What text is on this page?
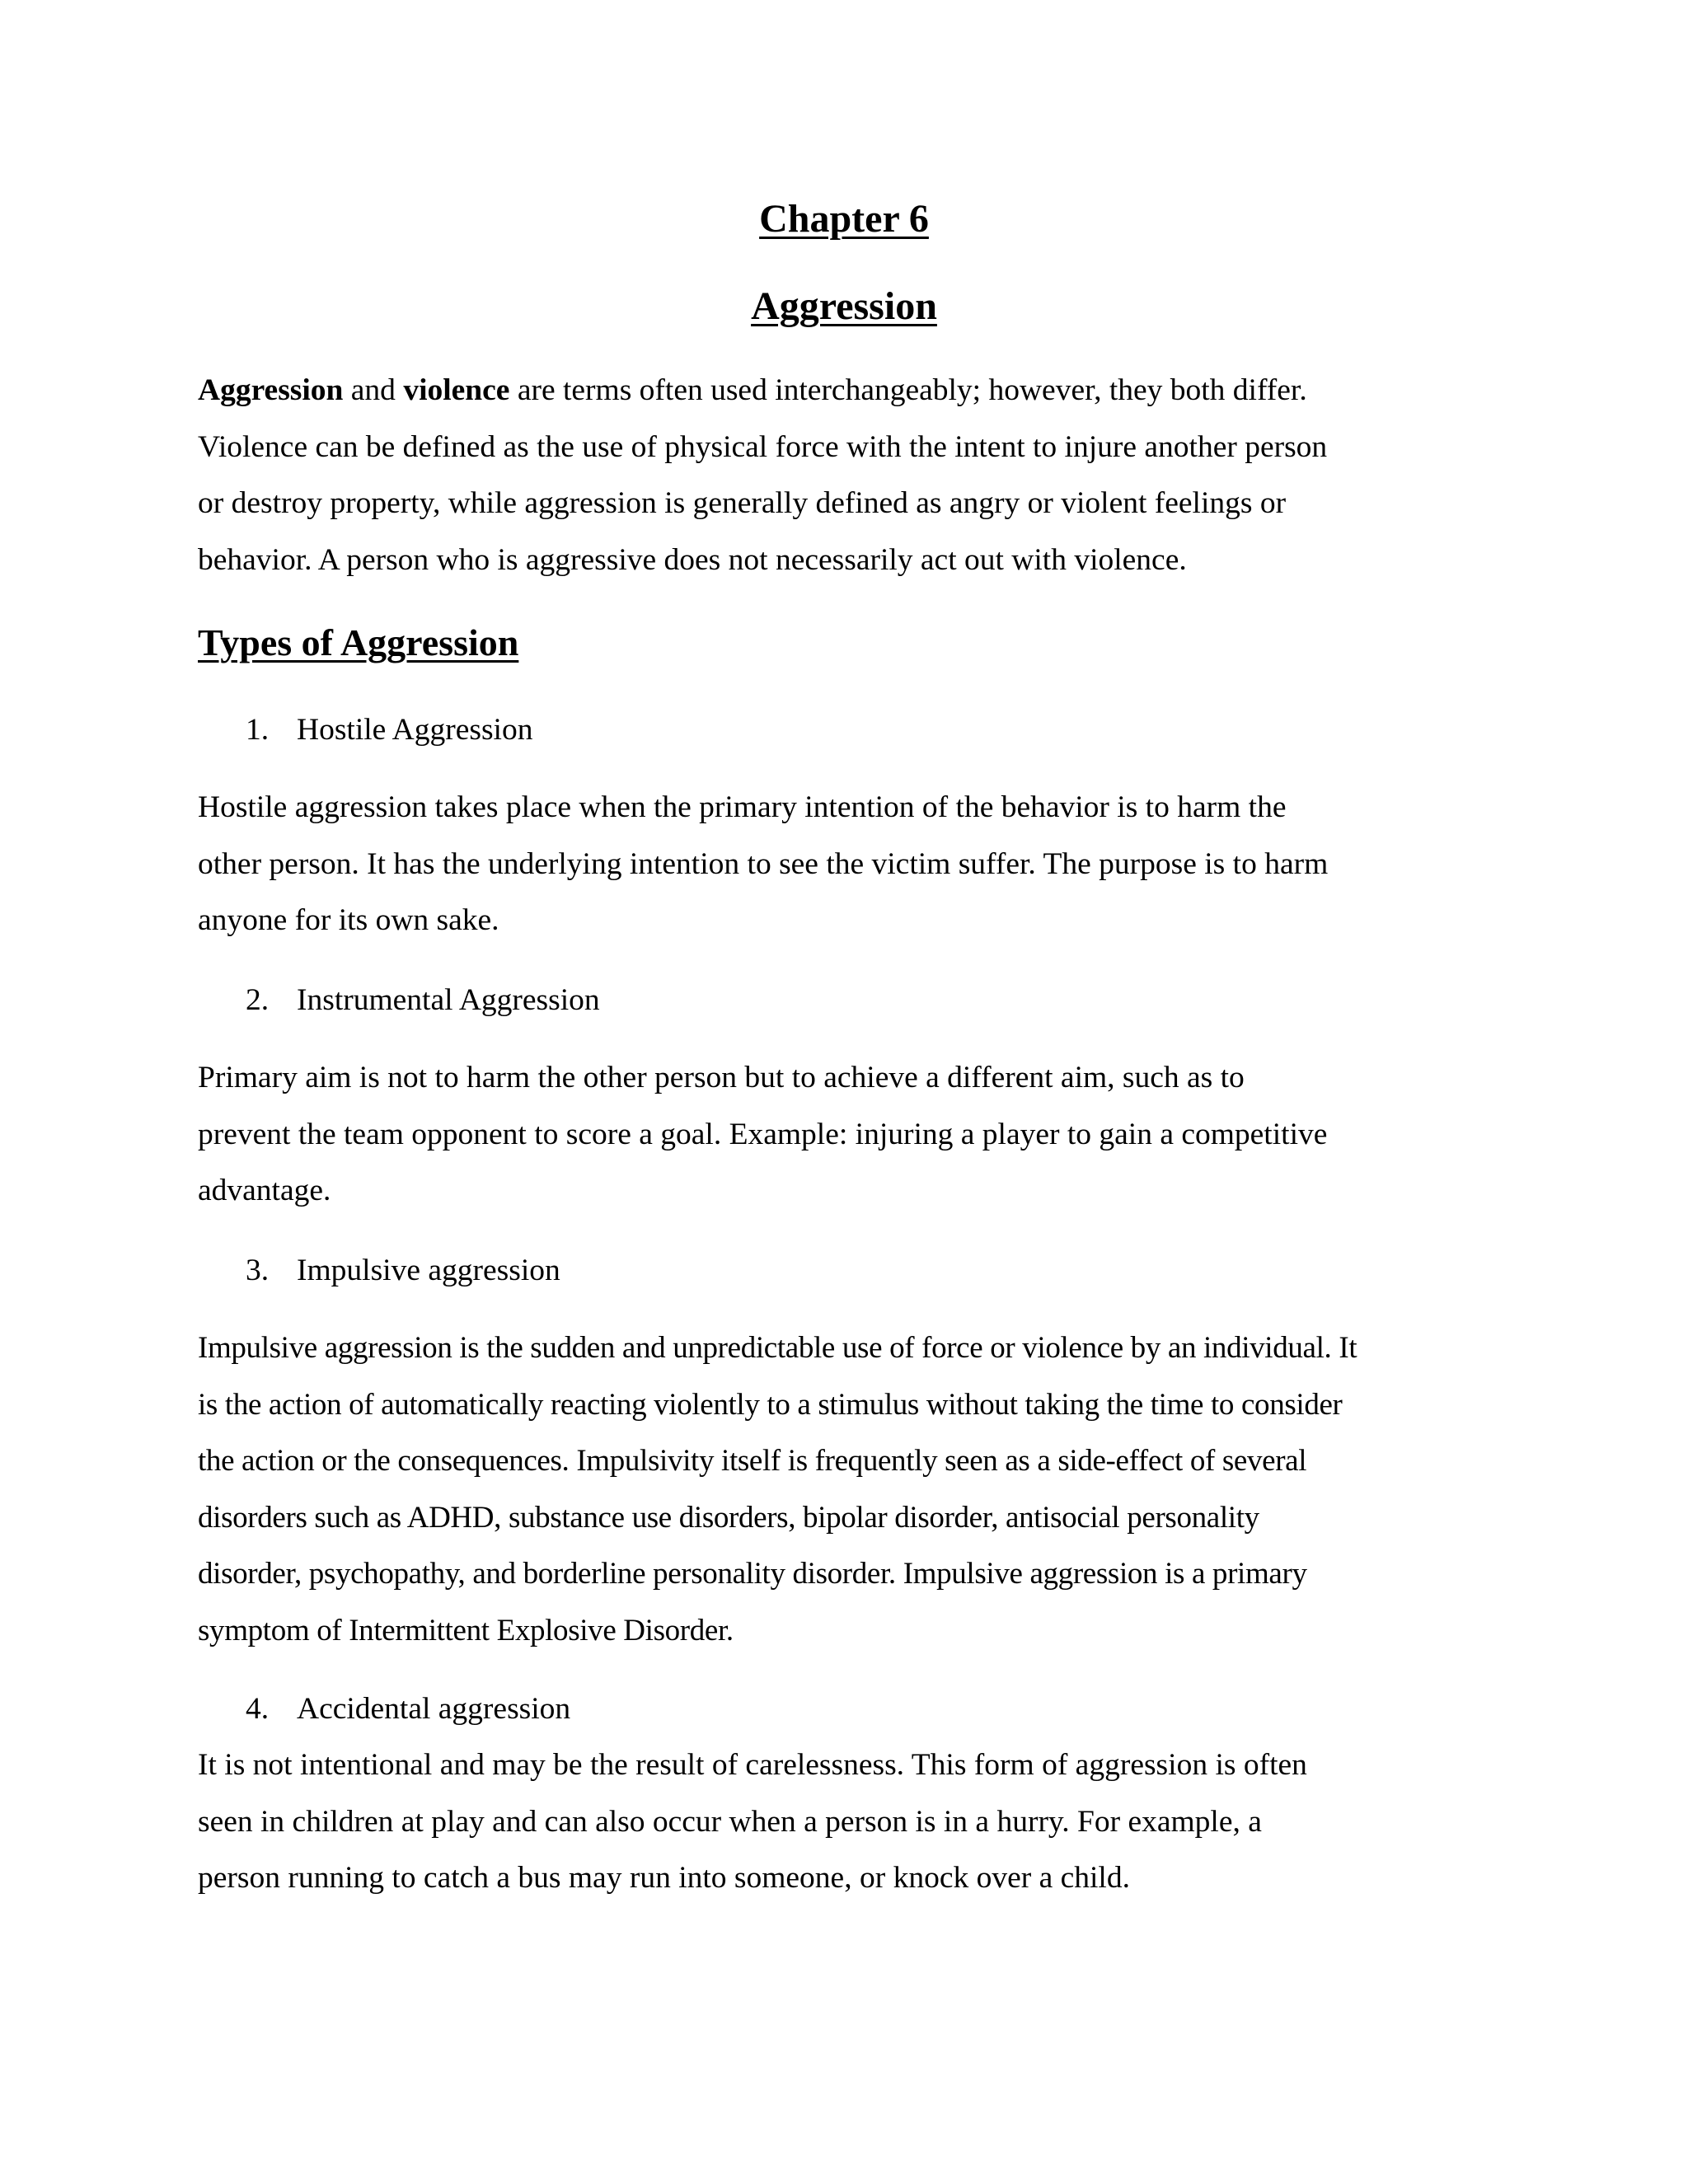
Chapter 6
Aggression

Aggression and violence are terms often used interchangeably; however, they both differ.
Violence can be defined as the use of physical force with the intent to injure another person
or destroy property, while aggression is generally defined as angry or violent feelings or
behavior. A person who is aggressive does not necessarily act out with violence.

Types of Aggression

1. Hostile Aggression

Hostile aggression takes place when the primary intention of the behavior is to harm the
other person. It has the underlying intention to see the victim suffer. The purpose is to harm
anyone for its own sake.

2. Instrumental Aggression

Primary aim is not to harm the other person but to achieve a different aim, such as to
prevent the team opponent to score a goal. Example: injuring a player to gain a competitive
advantage.

3. Impulsive aggression

Impulsive aggression is the sudden and unpredictable use of force or violence by an individual. It
is the action of automatically reacting violently to a stimulus without taking the time to consider
the action or the consequences. Impulsivity itself is frequently seen as a side-effect of several
disorders such as ADHD, substance use disorders, bipolar disorder, antisocial personality
disorder, psychopathy, and borderline personality disorder. Impulsive aggression is a primary
symptom of Intermittent Explosive Disorder.

4. Accidental aggression

It is not intentional and may be the result of carelessness. This form of aggression is often
seen in children at play and can also occur when a person is in a hurry. For example, a
person running to catch a bus may run into someone, or knock over a child.
